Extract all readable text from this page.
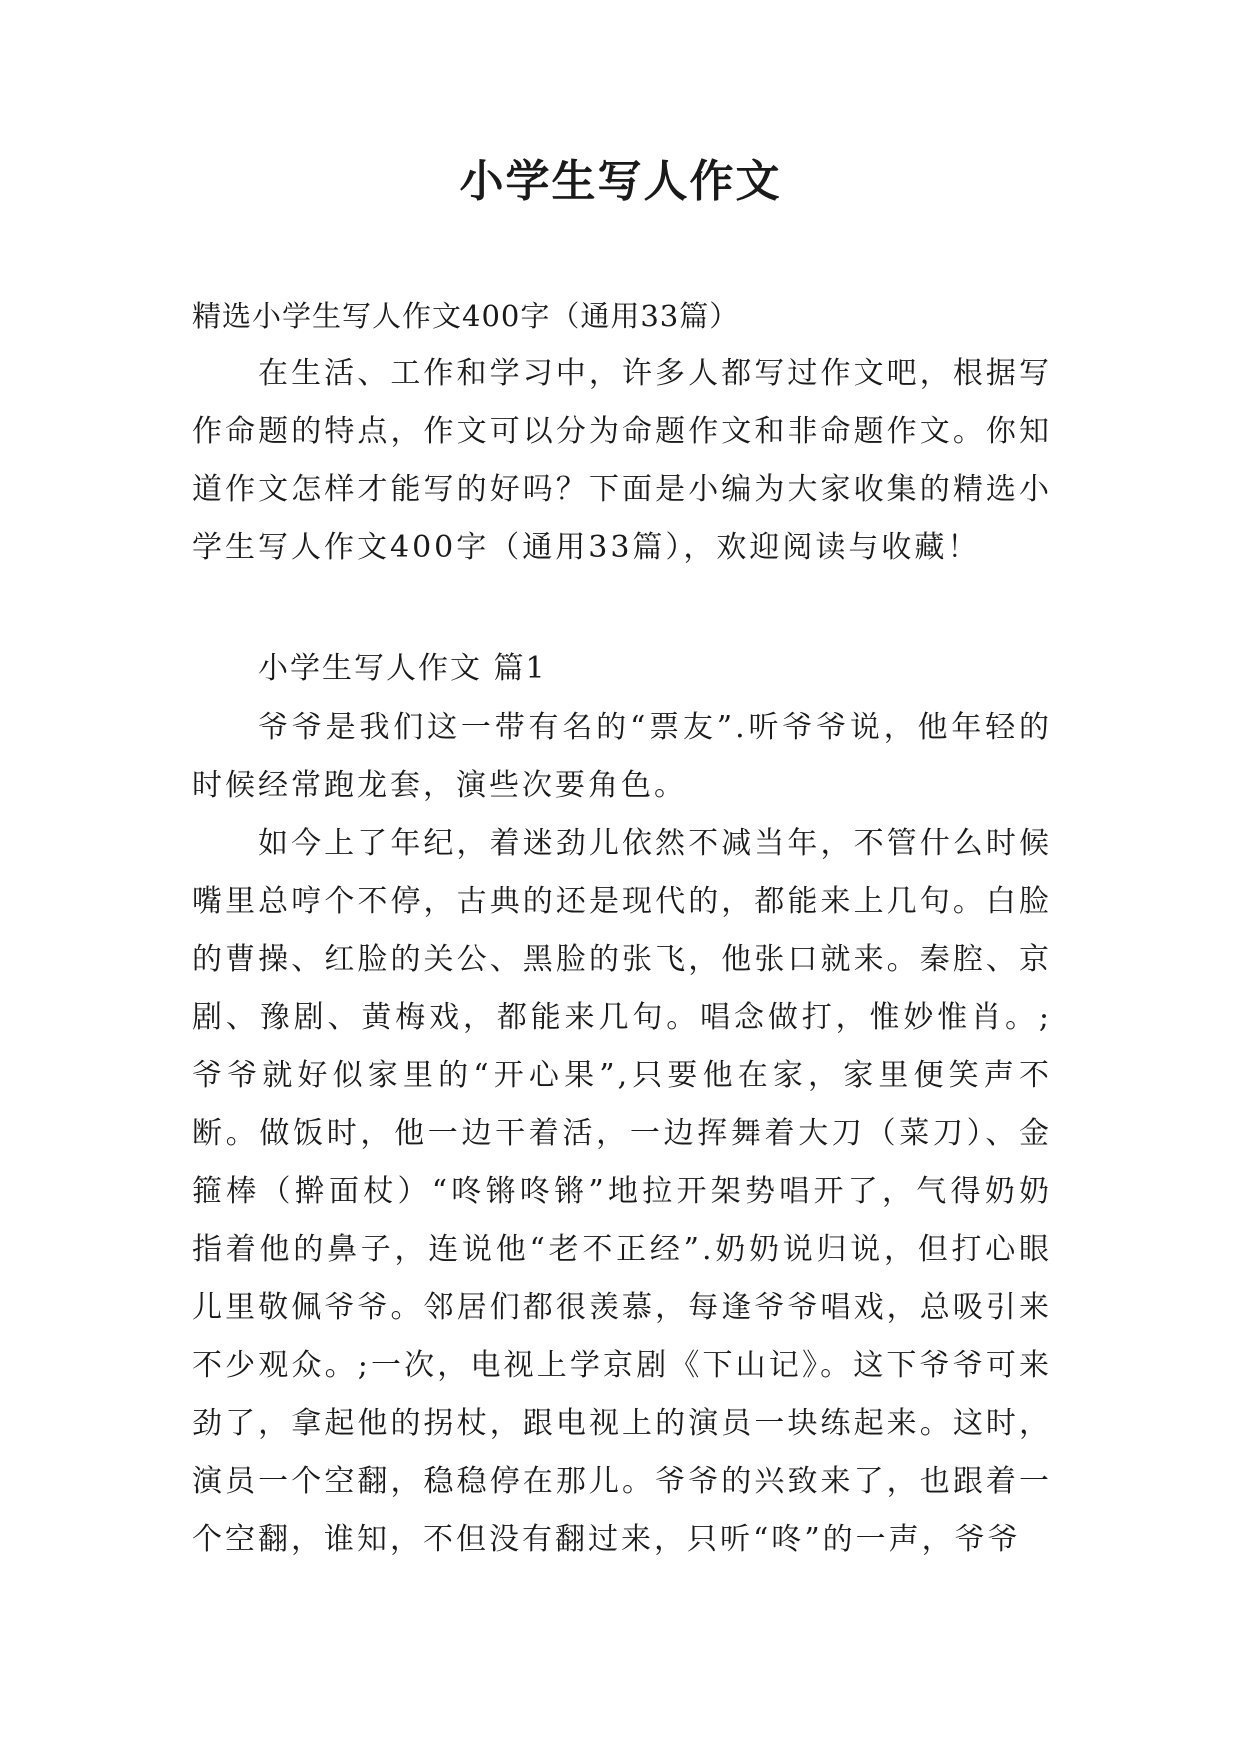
小学生写人作文

精选小学生写人作文400字（通用33篇）

在生活、工作和学习中，许多人都写过作文吧，根据写作命题的特点，作文可以分为命题作文和非命题作文。你知道作文怎样才能写的好吗？下面是小编为大家收集的精选小学生写人作文400字（通用33篇），欢迎阅读与收藏！

小学生写人作文 篇1

爷爷是我们这一带有名的“票友”.听爷爷说，他年轻的时候经常跑龙套，演些次要角色。

如今上了年纪，着迷劲儿依然不减当年，不管什么时候嘴里总哼个不停，古典的还是现代的，都能来上几句。白脸的曹操、红脸的关公、黑脸的张飞，他张口就来。秦腔、京剧、豫剧、黄梅戏，都能来几句。唱念做打，惟妙惟肖。;爷爷就好似家里的“开心果”,只要他在家，家里便笑声不断。做饭时，他一边干着活，一边挥舞着大刀（菜刀）、金箍棒（擀面杖）“咚锵咚锵”地拉开架势唱开了，气得奶奶指着他的鼻子，连说他“老不正经”.奶奶说归说，但打心眼儿里敬佩爷爷。邻居们都很羡慕，每逢爷爷唱戏，总吸引来不少观众。;一次，电视上学京剧《下山记》。这下爷爷可来劲了，拿起他的拐杖，跟电视上的演员一块练起来。这时，演员一个空翻，稳稳停在那儿。爷爷的兴致来了，也跟着一个空翻，谁知，不但没有翻过来，只听“咚”的一声，爷爷
